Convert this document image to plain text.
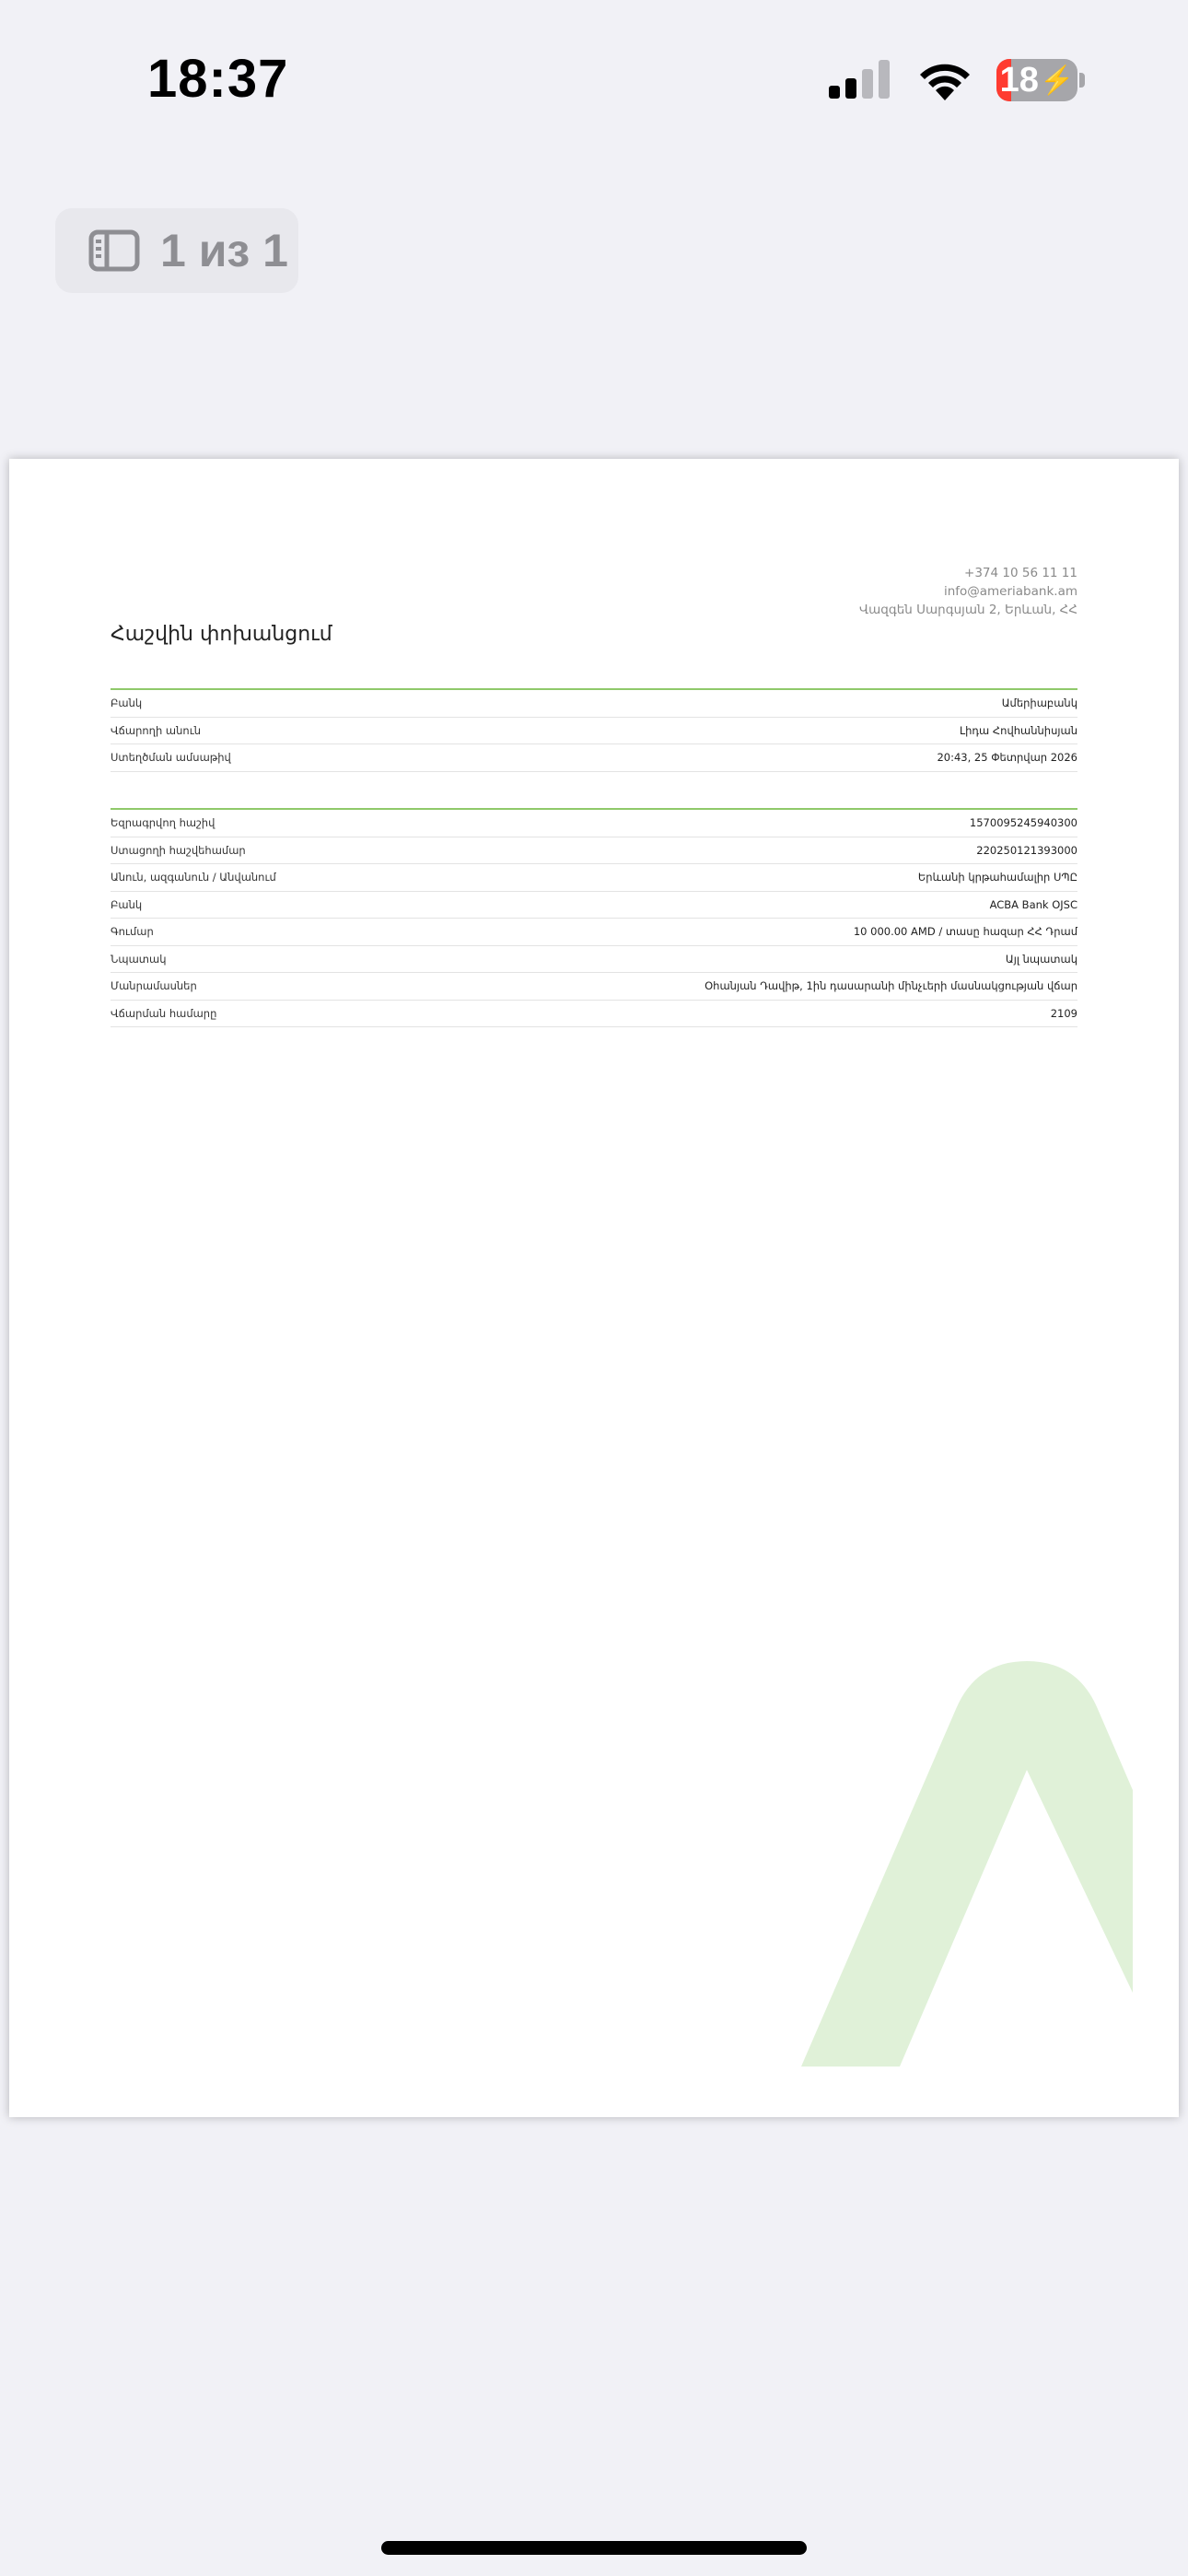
18:37	18 ⚡
1 из 1
+374 10 56 11 11
info@ameriabank.am
Վազգեն Սարգսյան 2, Երևան, ՀՀ
Հաշվին փոխանցում
Բանկ	Ամերիաբանկ
Վճարողի անուն	Լիդա Հովհաննիսյան
Ստեղծման ամսաթիվ	20:43, 25 Փետրվար 2026
Եզրագրվող հաշիվ	1570095245940300
Ստացողի հաշվեհամար	220250121393000
Անուն, ազգանուն / Անվանում	Երևանի կրթահամալիր ՍՊԸ
Բանկ	ACBA Bank OJSC
Գումար	10 000.00 AMD / տասը հազար ՀՀ Դրամ
Նպատակ	Այլ նպատակ
Մանրամասներ	Օհանյան Դավիթ, 1ին դասարանի մինչւերի մասնակցության վճար
Վճարման համարը	2109
